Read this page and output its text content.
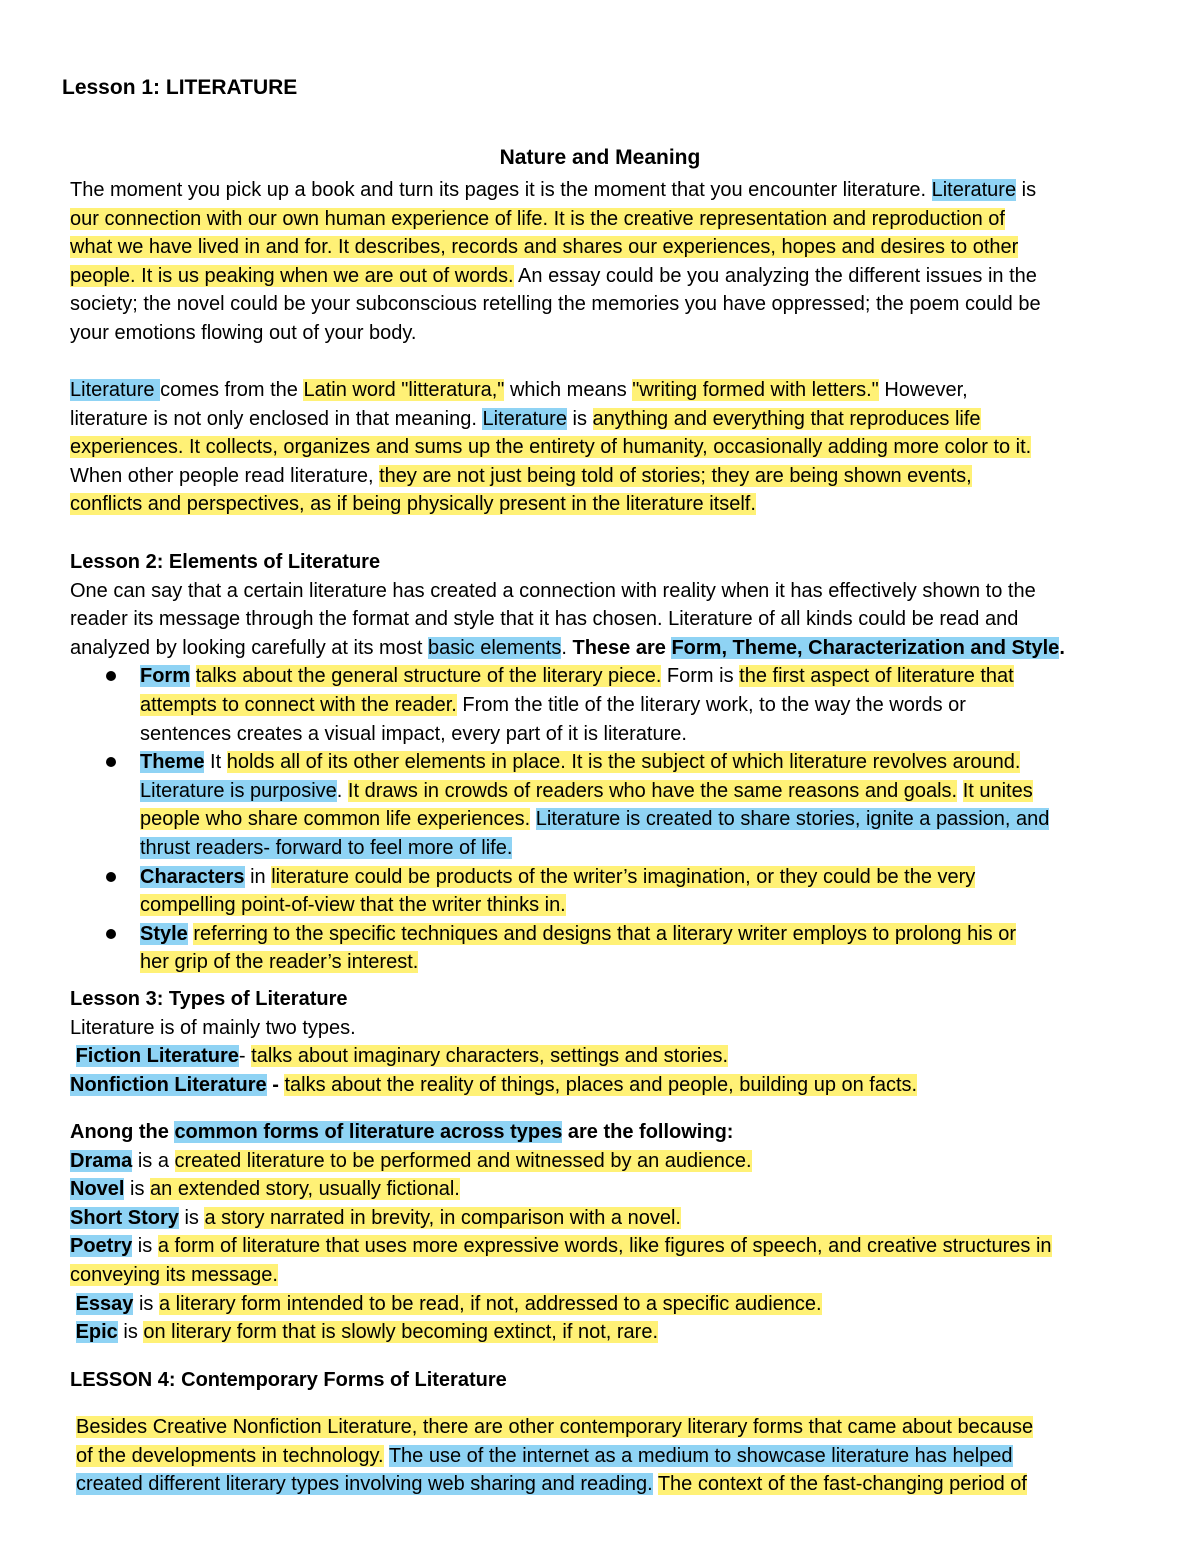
Lesson 1: LITERATURE
Nature and Meaning
The moment you pick up a book and turn its pages it is the moment that you encounter literature. Literature is
our connection with our own human experience of life. It is the creative representation and reproduction of
what we have lived in and for. It describes, records and shares our experiences, hopes and desires to other
people. It is us peaking when we are out of words. An essay could be you analyzing the different issues in the
society; the novel could be your subconscious retelling the memories you have oppressed; the poem could be
your emotions flowing out of your body.
Literature comes from the Latin word "litteratura," which means "writing formed with letters." However,
literature is not only enclosed in that meaning. Literature is anything and everything that reproduces life
experiences. It collects, organizes and sums up the entirety of humanity, occasionally adding more color to it.
When other people read literature, they are not just being told of stories; they are being shown events,
conflicts and perspectives, as if being physically present in the literature itself.
Lesson 2: Elements of Literature
One can say that a certain literature has created a connection with reality when it has effectively shown to the
reader its message through the format and style that it has chosen. Literature of all kinds could be read and
analyzed by looking carefully at its most basic elements. These are Form, Theme, Characterization and Style.
Form talks about the general structure of the literary piece. Form is the first aspect of literature that
attempts to connect with the reader. From the title of the literary work, to the way the words or
sentences creates a visual impact, every part of it is literature.
Theme It holds all of its other elements in place. It is the subject of which literature revolves around.
Literature is purposive. It draws in crowds of readers who have the same reasons and goals. It unites
people who share common life experiences. Literature is created to share stories, ignite a passion, and
thrust readers- forward to feel more of life.
Characters in literature could be products of the writer’s imagination, or they could be the very
compelling point-of-view that the writer thinks in.
Style referring to the specific techniques and designs that a literary writer employs to prolong his or
her grip of the reader’s interest.
Lesson 3: Types of Literature
Literature is of mainly two types.
Fiction Literature- talks about imaginary characters, settings and stories.
Nonfiction Literature - talks about the reality of things, places and people, building up on facts.
Anong the common forms of literature across types are the following:
Drama is a created literature to be performed and witnessed by an audience.
Novel is an extended story, usually fictional.
Short Story is a story narrated in brevity, in comparison with a novel.
Poetry is a form of literature that uses more expressive words, like figures of speech, and creative structures in
conveying its message.
Essay is a literary form intended to be read, if not, addressed to a specific audience.
Epic is on literary form that is slowly becoming extinct, if not, rare.
LESSON 4: Contemporary Forms of Literature
Besides Creative Nonfiction Literature, there are other contemporary literary forms that came about because
of the developments in technology. The use of the internet as a medium to showcase literature has helped
created different literary types involving web sharing and reading. The context of the fast-changing period of
